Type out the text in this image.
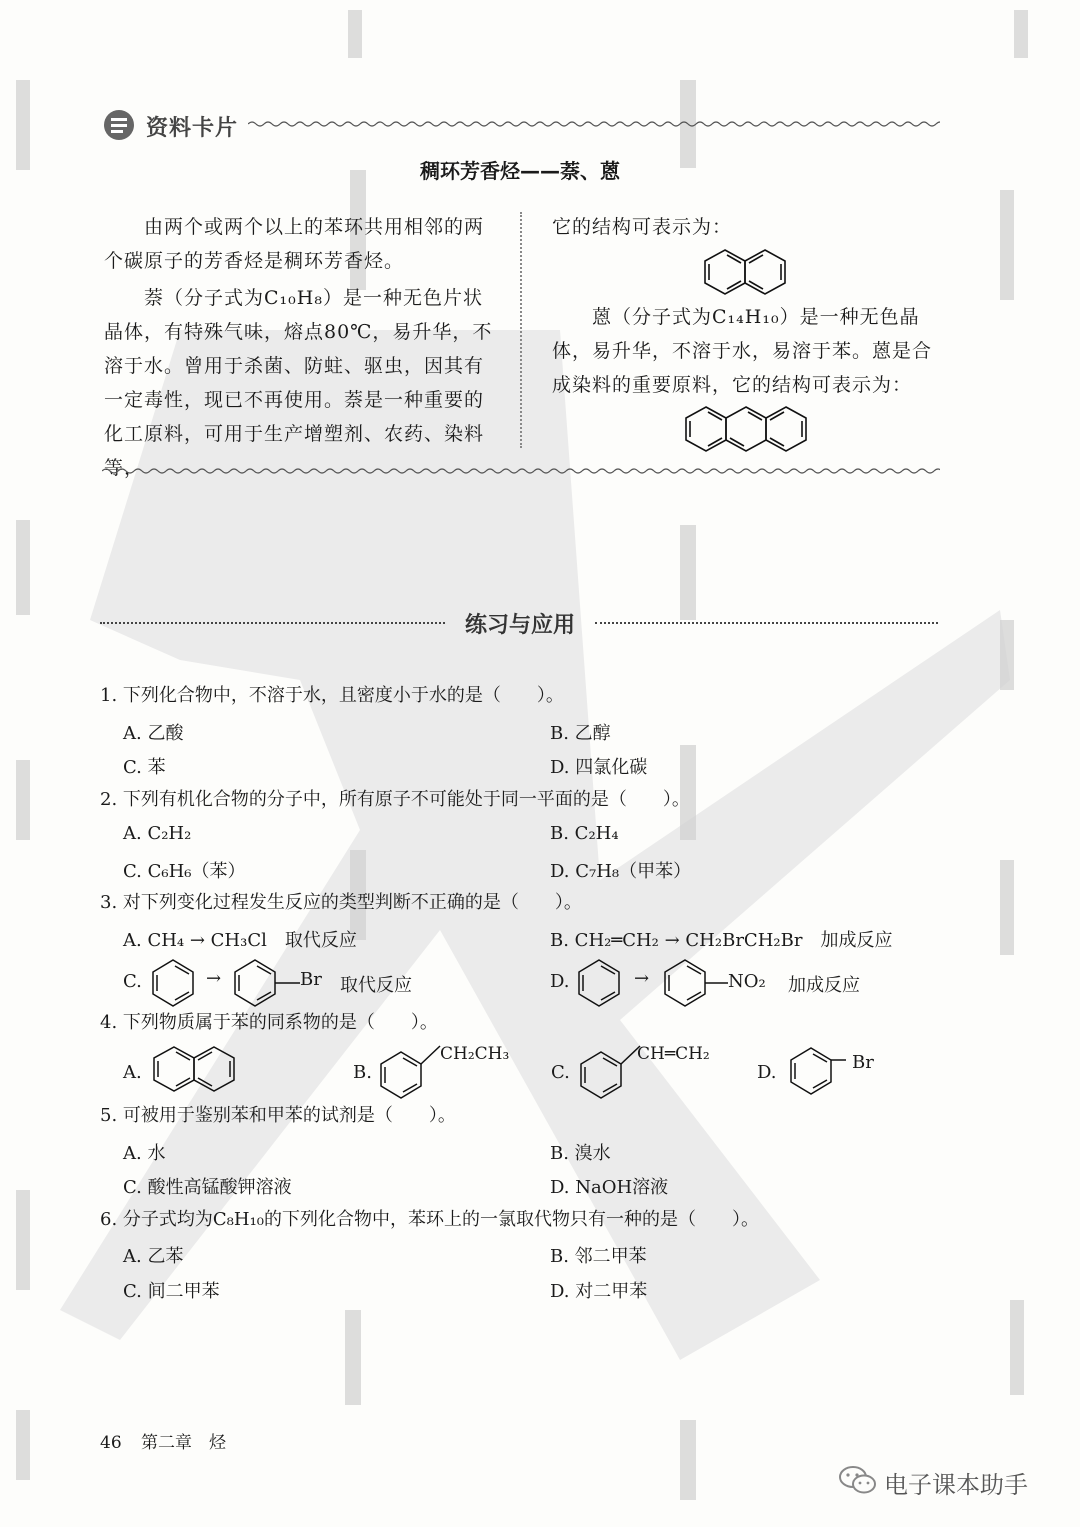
资料卡片
稠环芳香烃——萘、蒽
　　由两个或两个以上的苯环共用相邻的两个碳原子的芳香烃是稠环芳香烃。
　　萘（分子式为C₁₀H₈）是一种无色片状晶体，有特殊气味，熔点80℃，易升华，不溶于水。曾用于杀菌、防蛀、驱虫，因其有一定毒性，现已不再使用。萘是一种重要的化工原料，可用于生产增塑剂、农药、染料等，
它的结构可表示为：
　　蒽（分子式为C₁₄H₁₀）是一种无色晶体，易升华，不溶于水，易溶于苯。蒽是合成染料的重要原料，它的结构可表示为：
练习与应用
1. 下列化合物中，不溶于水，且密度小于水的是（　　）。
A. 乙酸	B. 乙醇
C. 苯	D. 四氯化碳
2. 下列有机化合物的分子中，所有原子不可能处于同一平面的是（　　）。
A. C₂H₂	B. C₂H₄
C. C₆H₆（苯）	D. C₇H₈（甲苯）
3. 对下列变化过程发生反应的类型判断不正确的是（　　）。
A. CH₄ → CH₃Cl　取代反应	B. CH₂═CH₂ → CH₂BrCH₂Br　加成反应
C.	→	Br 取代反应	D.	→	NO₂ 加成反应
4. 下列物质属于苯的同系物的是（　　）。
A.	B.
CH₂CH₃
C.
CH═CH₂
D.	Br
5. 可被用于鉴别苯和甲苯的试剂是（　　）。
A. 水	B. 溴水
C. 酸性高锰酸钾溶液	D. NaOH溶液
6. 分子式均为C₈H₁₀的下列化合物中，苯环上的一氯取代物只有一种的是（　　）。
A. 乙苯	B. 邻二甲苯
C. 间二甲苯	D. 对二甲苯
46 第二章　烃
电子课本助手
